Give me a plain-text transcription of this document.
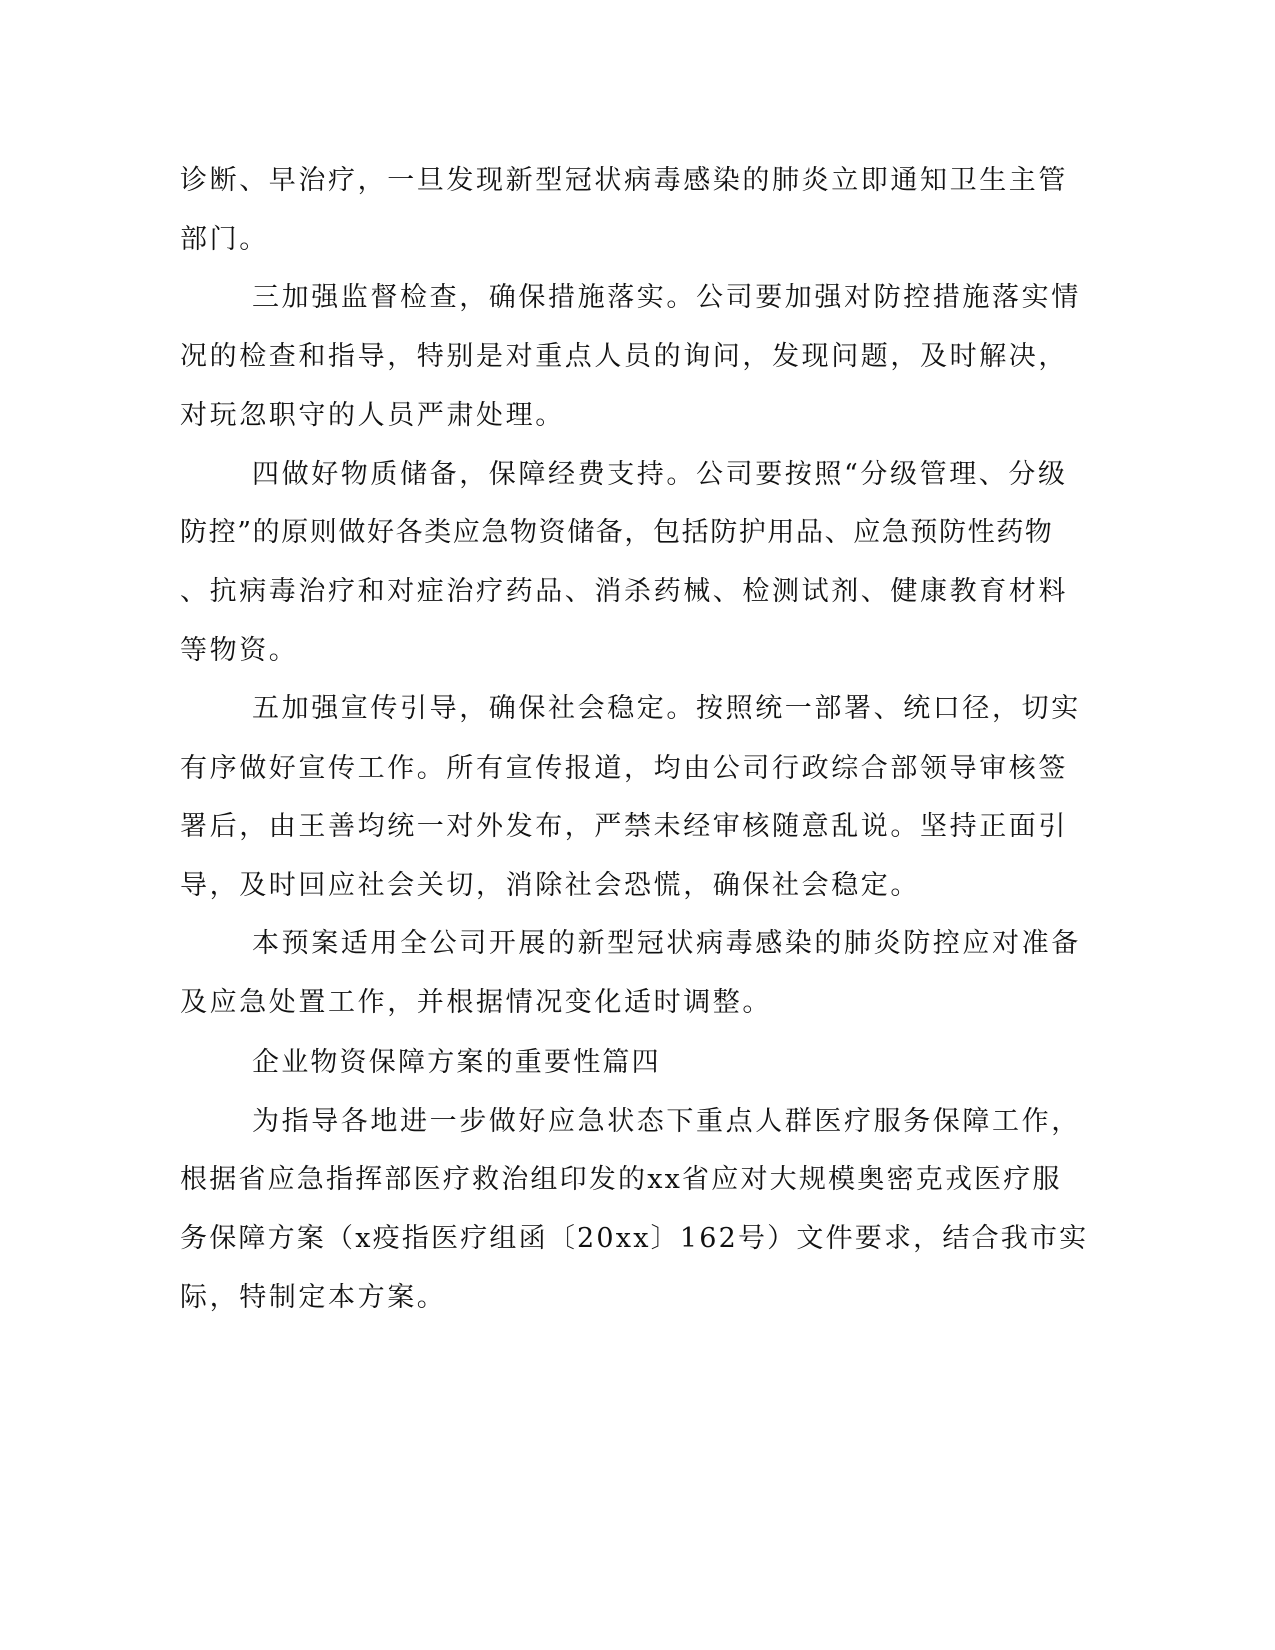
诊断、早治疗，一旦发现新型冠状病毒感染的肺炎立即通知卫生主管

部门。

三加强监督检查，确保措施落实。公司要加强对防控措施落实情

况的检查和指导，特别是对重点人员的询问，发现问题，及时解决，

对玩忽职守的人员严肃处理。

四做好物质储备，保障经费支持。公司要按照“分级管理、分级

防控”的原则做好各类应急物资储备，包括防护用品、应急预防性药物

、抗病毒治疗和对症治疗药品、消杀药械、检测试剂、健康教育材料

等物资。

五加强宣传引导，确保社会稳定。按照统一部署、统口径，切实

有序做好宣传工作。所有宣传报道，均由公司行政综合部领导审核签

署后，由王善均统一对外发布，严禁未经审核随意乱说。坚持正面引

导，及时回应社会关切，消除社会恐慌，确保社会稳定。

本预案适用全公司开展的新型冠状病毒感染的肺炎防控应对准备

及应急处置工作，并根据情况变化适时调整。

企业物资保障方案的重要性篇四

为指导各地进一步做好应急状态下重点人群医疗服务保障工作，

根据省应急指挥部医疗救治组印发的xx省应对大规模奥密克戎医疗服

务保障方案（x疫指医疗组函〔20xx〕162号）文件要求，结合我市实

际，特制定本方案。
